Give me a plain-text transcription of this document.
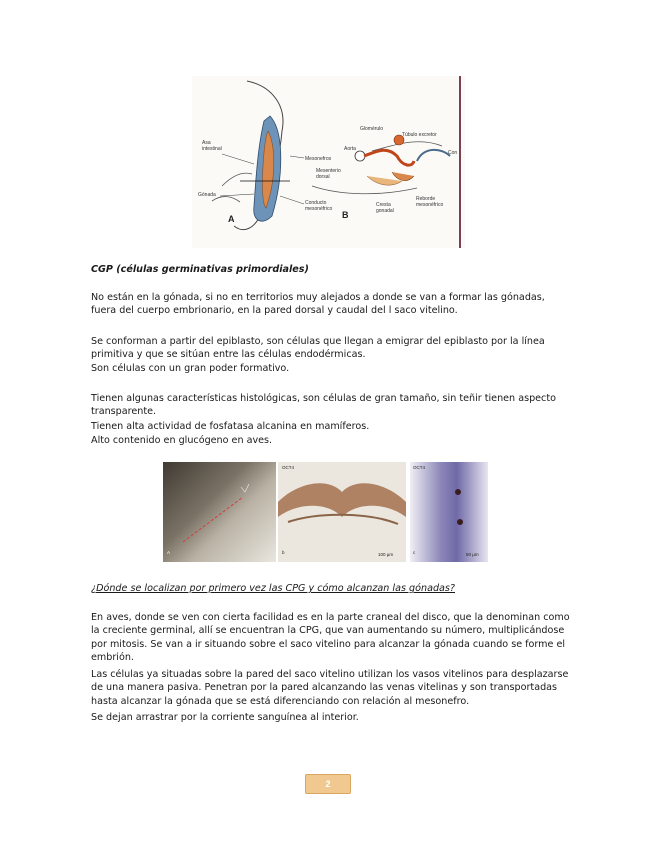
Asa
intestinal
Gónada
Mesonefros
Conducto
mesonéfrico
Glomérulo
Túbulo excretor
Aorta
Mesenterio
dorsal
Cresta
gonadal
Reborde
mesonéfrico
Con
A	B
CGP (células germinativas primordiales)

No están en la gónada, si no en territorios muy alejados a donde se van a formar las gónadas, fuera del cuerpo embrionario, en la pared dorsal y caudal del l saco vitelino.

Se conforman a partir del epiblasto, son células que llegan a emigrar del epiblasto por la línea primitiva y que se sitúan entre las células endodérmicas.

Son células con un gran poder formativo.

Tienen algunas características histológicas, son células de gran tamaño, sin teñir tienen aspecto transparente.

Tienen alta actividad de fosfatasa alcanina en mamíferos.

Alto contenido en glucógeno en aves.

A
OCT4
b	100 µm
OCT4
c	50 µm
¿Dónde se localizan por primero vez las CPG y cómo alcanzan las gónadas?

En aves, donde se ven con cierta facilidad es en la parte craneal del disco, que la denominan como la creciente germinal, allí se encuentran la CPG, que van aumentando su número, multiplicándose por mitosis. Se van a ir situando sobre el saco vitelino para alcanzar la gónada cuando se forme el embrión.

Las células ya situadas sobre la pared del saco vitelino utilizan los vasos vitelinos para desplazarse de una manera pasiva. Penetran por la pared alcanzando las venas vitelinas y son transportadas hasta alcanzar la gónada que se está diferenciando con relación al mesonefro.

Se dejan arrastrar por la corriente sanguínea al interior.

2
